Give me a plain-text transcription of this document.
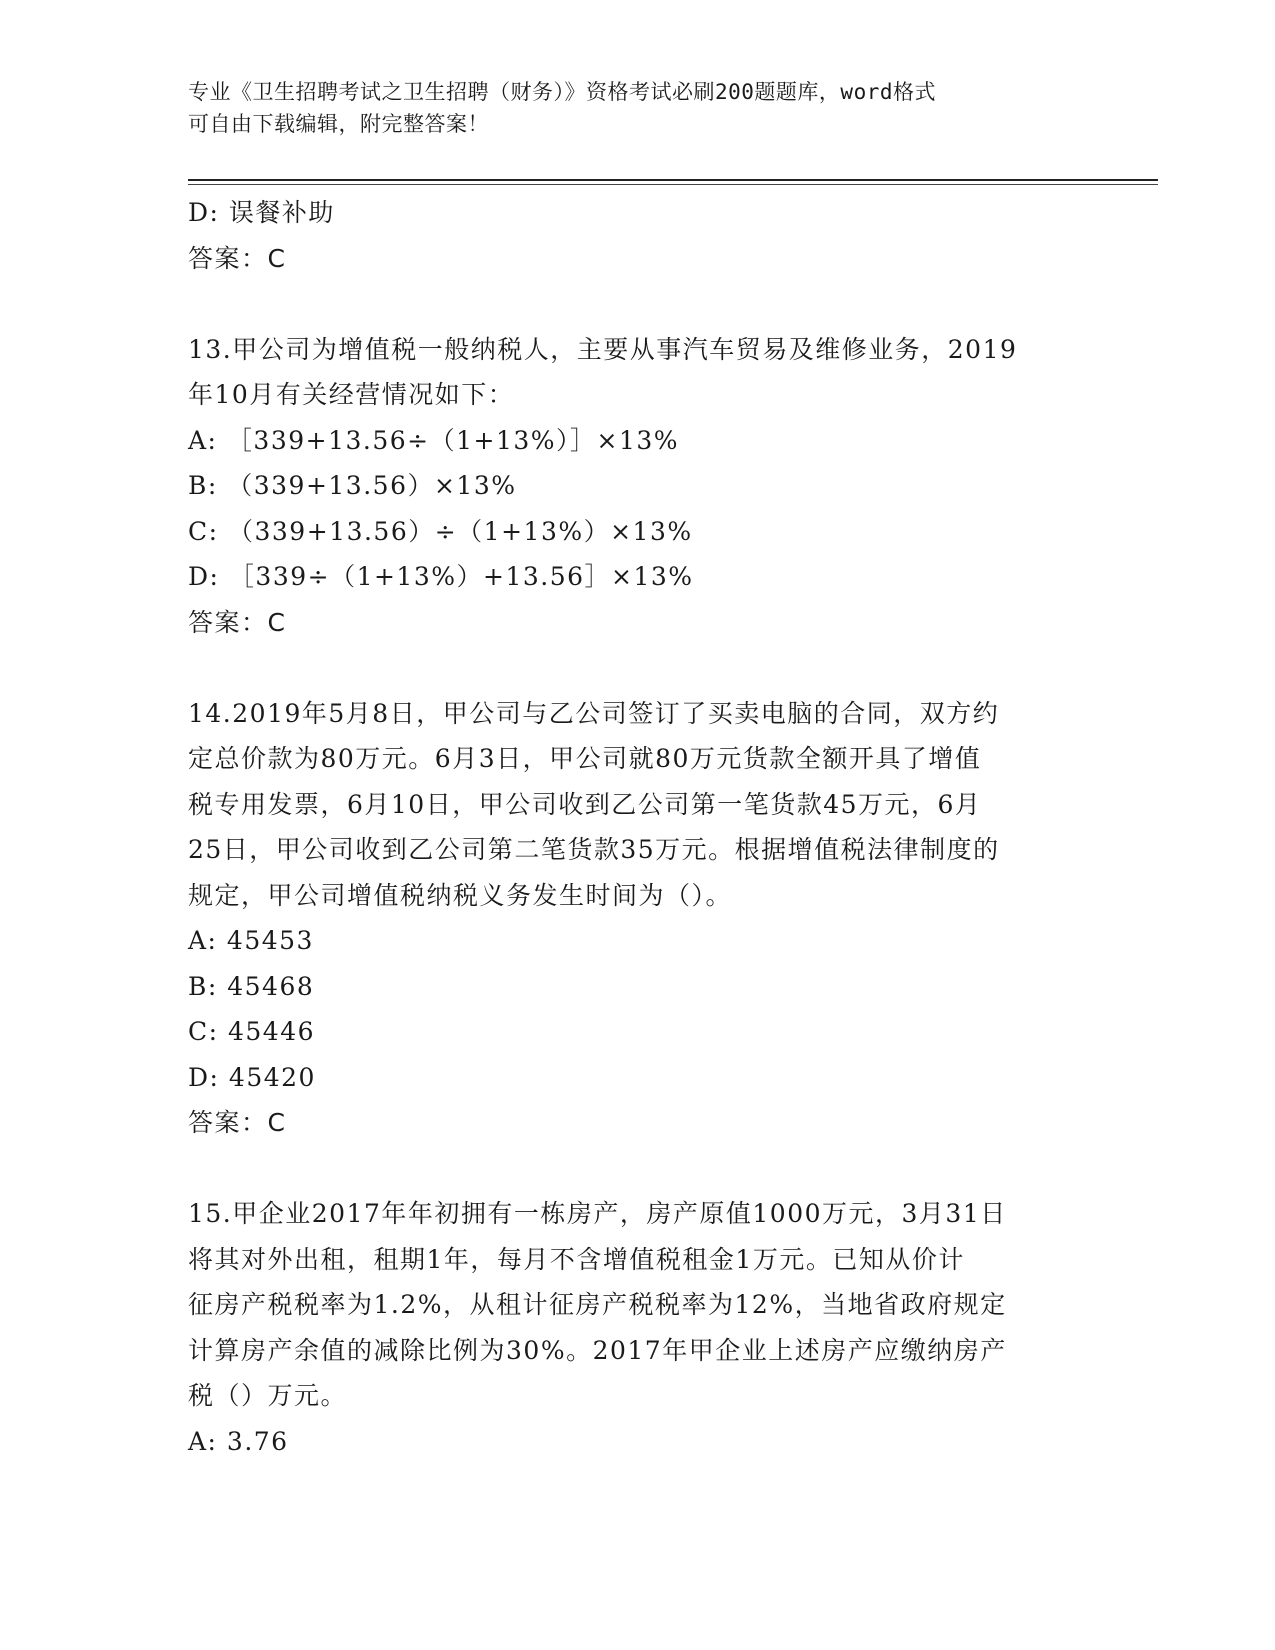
专业《卫生招聘考试之卫生招聘（财务）》资格考试必刷200题题库，word格式
可自由下载编辑，附完整答案！
D: 误餐补助
答案：C
13.甲公司为增值税一般纳税人，主要从事汽车贸易及维修业务，2019
年10月有关经营情况如下：
A: ［339+13.56÷（1+13%）］×13%
B: （339+13.56）×13%
C: （339+13.56）÷（1+13%）×13%
D: ［339÷（1+13%）+13.56］×13%
答案：C
14.2019年5月8日，甲公司与乙公司签订了买卖电脑的合同，双方约
定总价款为80万元。6月3日，甲公司就80万元货款全额开具了增值
税专用发票，6月10日，甲公司收到乙公司第一笔货款45万元，6月
25日，甲公司收到乙公司第二笔货款35万元。根据增值税法律制度的
规定，甲公司增值税纳税义务发生时间为（）。
A: 45453
B: 45468
C: 45446
D: 45420
答案：C
15.甲企业2017年年初拥有一栋房产，房产原值1000万元，3月31日
将其对外出租，租期1年，每月不含增值税租金1万元。已知从价计
征房产税税率为1.2%，从租计征房产税税率为12%，当地省政府规定
计算房产余值的减除比例为30%。2017年甲企业上述房产应缴纳房产
税（）万元。
A: 3.76
